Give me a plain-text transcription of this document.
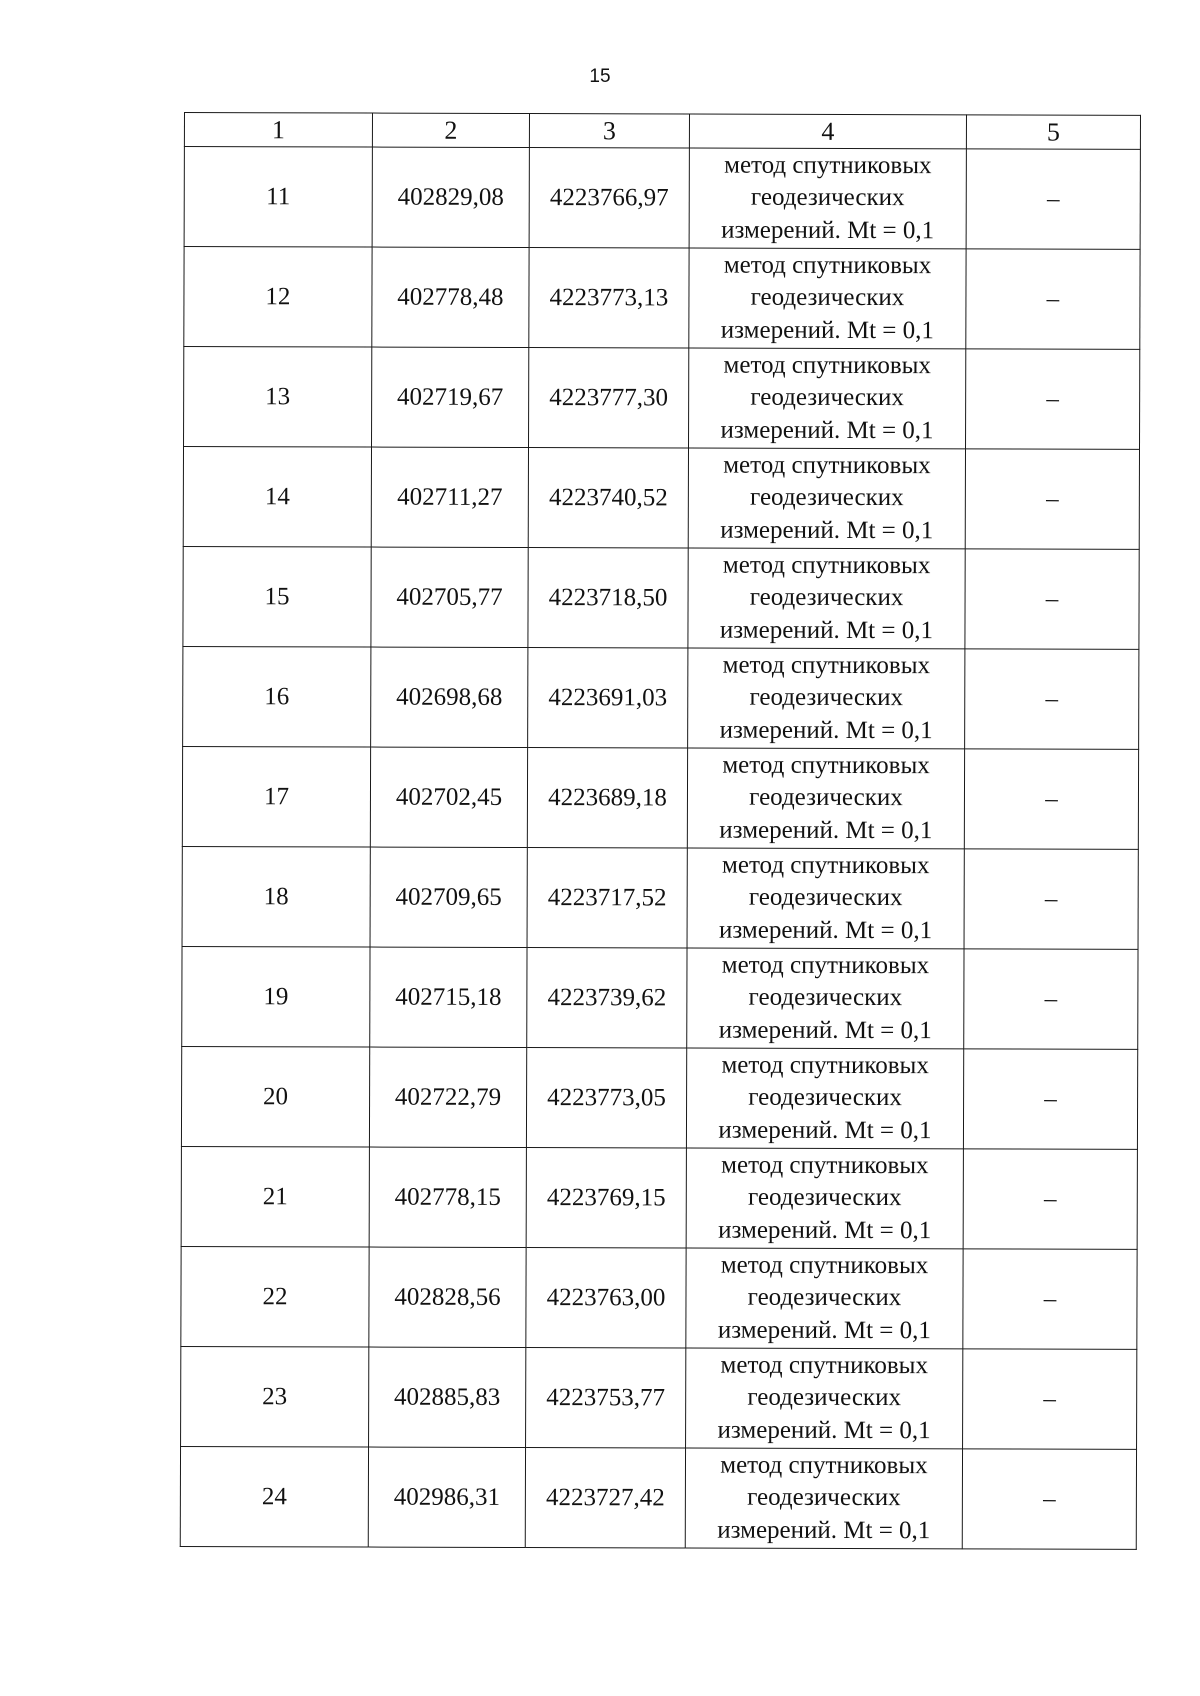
15
1	2	3	4	5
11	402829,08	4223766,97	метод спутниковых
геодезических
измерений. Mt = 0,1	–
12	402778,48	4223773,13	метод спутниковых
геодезических
измерений. Mt = 0,1	–
13	402719,67	4223777,30	метод спутниковых
геодезических
измерений. Mt = 0,1	–
14	402711,27	4223740,52	метод спутниковых
геодезических
измерений. Mt = 0,1	–
15	402705,77	4223718,50	метод спутниковых
геодезических
измерений. Mt = 0,1	–
16	402698,68	4223691,03	метод спутниковых
геодезических
измерений. Mt = 0,1	–
17	402702,45	4223689,18	метод спутниковых
геодезических
измерений. Mt = 0,1	–
18	402709,65	4223717,52	метод спутниковых
геодезических
измерений. Mt = 0,1	–
19	402715,18	4223739,62	метод спутниковых
геодезических
измерений. Mt = 0,1	–
20	402722,79	4223773,05	метод спутниковых
геодезических
измерений. Mt = 0,1	–
21	402778,15	4223769,15	метод спутниковых
геодезических
измерений. Mt = 0,1	–
22	402828,56	4223763,00	метод спутниковых
геодезических
измерений. Mt = 0,1	–
23	402885,83	4223753,77	метод спутниковых
геодезических
измерений. Mt = 0,1	–
24	402986,31	4223727,42	метод спутниковых
геодезических
измерений. Mt = 0,1	–
